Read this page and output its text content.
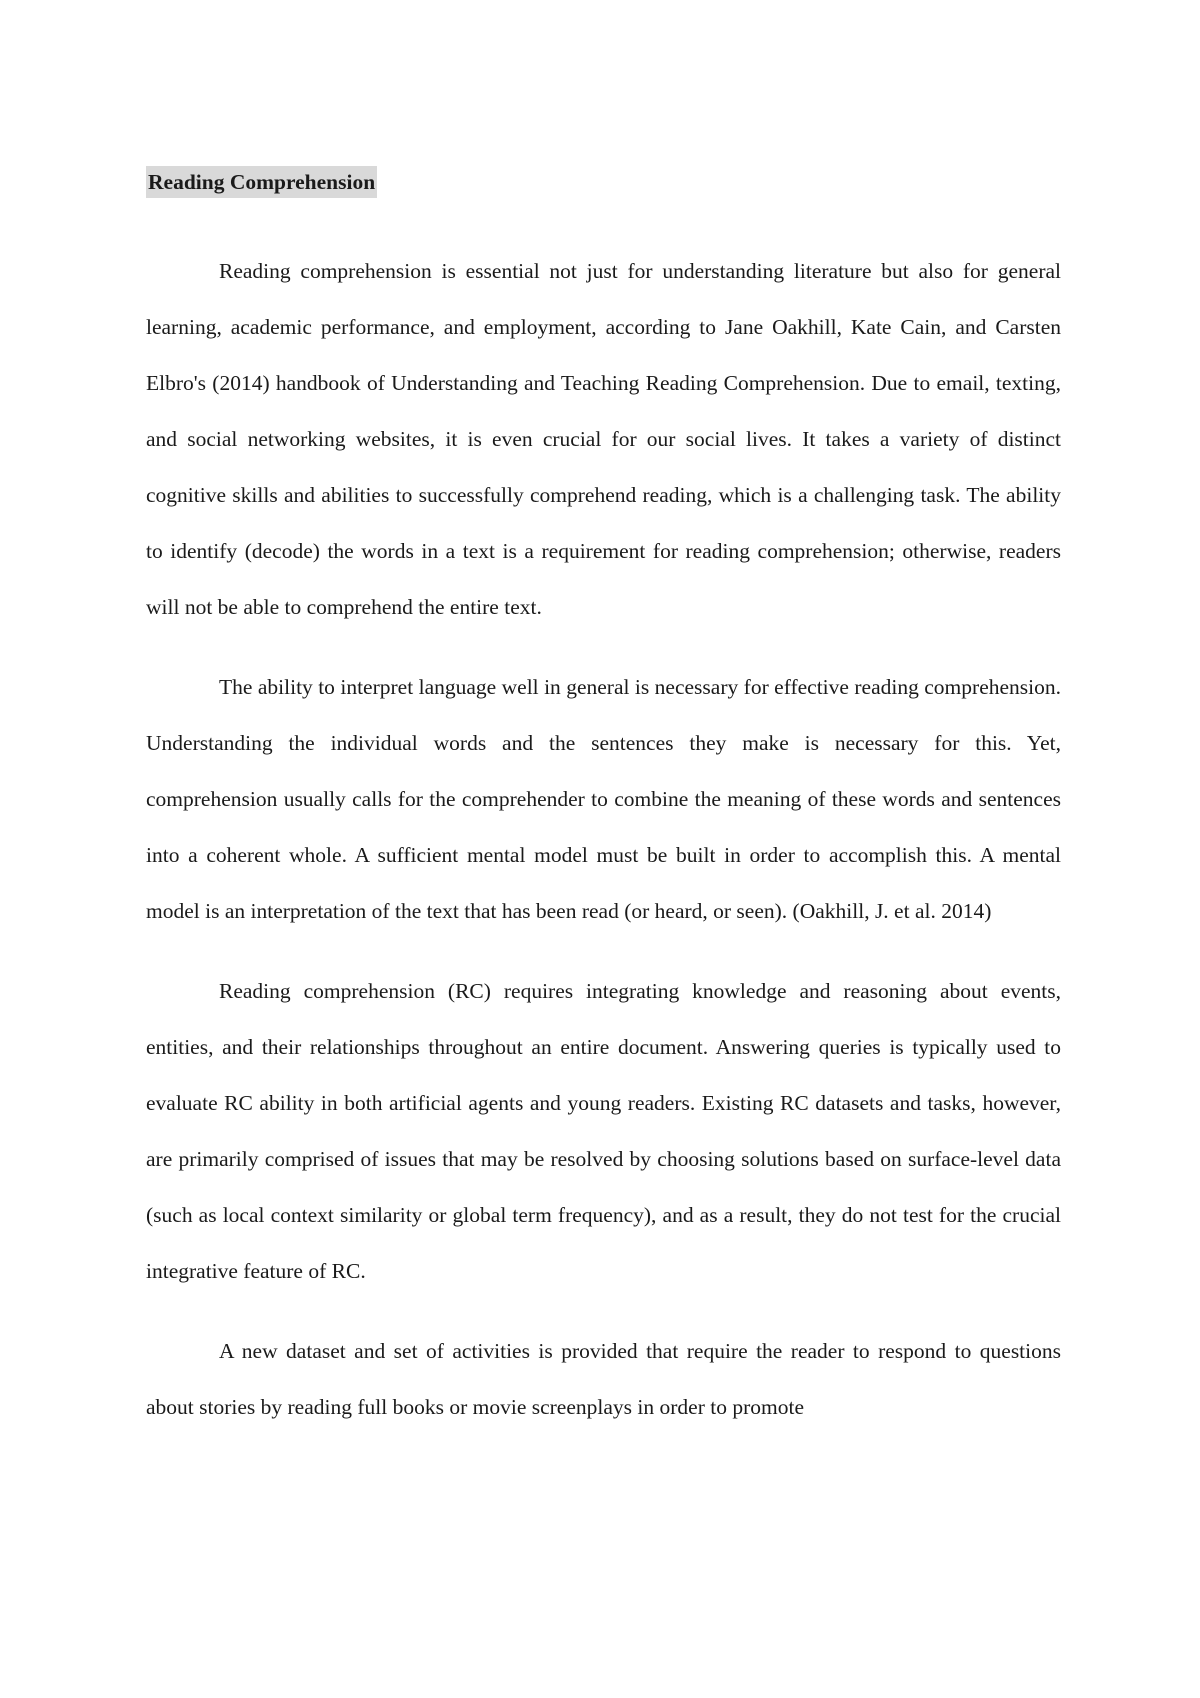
Reading Comprehension

Reading comprehension is essential not just for understanding literature but also for general learning, academic performance, and employment, according to Jane Oakhill, Kate Cain, and Carsten Elbro's (2014) handbook of Understanding and Teaching Reading Comprehension. Due to email, texting, and social networking websites, it is even crucial for our social lives. It takes a variety of distinct cognitive skills and abilities to successfully comprehend reading, which is a challenging task. The ability to identify (decode) the words in a text is a requirement for reading comprehension; otherwise, readers will not be able to comprehend the entire text.

The ability to interpret language well in general is necessary for effective reading comprehension. Understanding the individual words and the sentences they make is necessary for this. Yet, comprehension usually calls for the comprehender to combine the meaning of these words and sentences into a coherent whole. A sufficient mental model must be built in order to accomplish this. A mental model is an interpretation of the text that has been read (or heard, or seen). (Oakhill, J. et al. 2014)

Reading comprehension (RC) requires integrating knowledge and reasoning about events, entities, and their relationships throughout an entire document. Answering queries is typically used to evaluate RC ability in both artificial agents and young readers. Existing RC datasets and tasks, however, are primarily comprised of issues that may be resolved by choosing solutions based on surface-level data (such as local context similarity or global term frequency), and as a result, they do not test for the crucial integrative feature of RC.

A new dataset and set of activities is provided that require the reader to respond to questions about stories by reading full books or movie screenplays in order to promote
